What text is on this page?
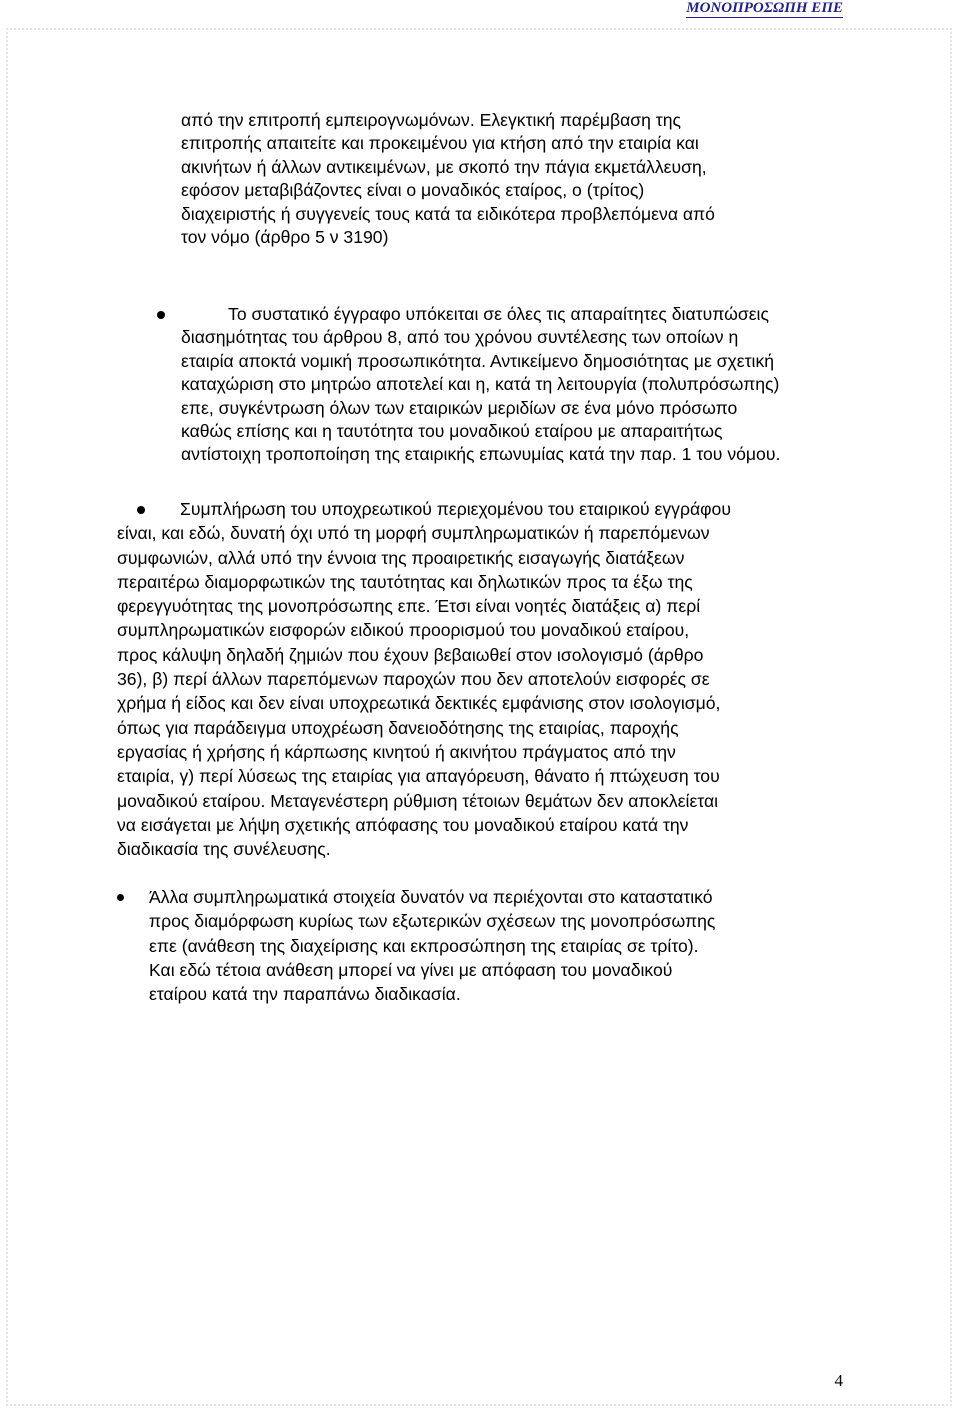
ΜΟΝΟΠΡΟΣΩΠΗ ΕΠΕ
από την επιτροπή εμπειρογνωμόνων. Ελεγκτική παρέμβαση της
επιτροπής απαιτείτε και προκειμένου για κτήση από την εταιρία και
ακινήτων ή άλλων αντικειμένων, με σκοπό την πάγια εκμετάλλευση,
εφόσον μεταβιβάζοντες είναι ο μοναδικός εταίρος, ο (τρίτος)
διαχειριστής ή συγγενείς τους κατά τα ειδικότερα προβλεπόμενα από
τον νόμο (άρθρο 5 ν 3190)
Το συστατικό έγγραφο υπόκειται σε όλες τις απαραίτητες διατυπώσεις
διασημότητας του άρθρου 8, από του χρόνου συντέλεσης των οποίων η
εταιρία αποκτά νομική προσωπικότητα. Αντικείμενο δημοσιότητας με σχετική
καταχώριση στο μητρώο αποτελεί και η, κατά τη λειτουργία (πολυπρόσωπης)
επε, συγκέντρωση όλων των εταιρικών μεριδίων σε ένα μόνο πρόσωπο
καθώς επίσης και η ταυτότητα του μοναδικού εταίρου με απαραιτήτως
αντίστοιχη τροποποίηση της εταιρικής επωνυμίας κατά την παρ. 1 του νόμου.
Συμπλήρωση του υποχρεωτικού περιεχομένου του εταιρικού εγγράφου
είναι, και εδώ, δυνατή όχι υπό τη μορφή συμπληρωματικών ή παρεπόμενων
συμφωνιών, αλλά υπό την έννοια της προαιρετικής εισαγωγής διατάξεων
περαιτέρω διαμορφωτικών της ταυτότητας και δηλωτικών προς τα έξω της
φερεγγυότητας της μονοπρόσωπης επε. Έτσι είναι νοητές διατάξεις α) περί
συμπληρωματικών εισφορών ειδικού προορισμού του μοναδικού εταίρου,
προς κάλυψη δηλαδή ζημιών που έχουν βεβαιωθεί στον ισολογισμό (άρθρο
36), β) περί άλλων παρεπόμενων παροχών που δεν αποτελούν εισφορές σε
χρήμα ή είδος και δεν είναι υποχρεωτικά δεκτικές εμφάνισης στον ισολογισμό,
όπως για παράδειγμα υποχρέωση δανειοδότησης της εταιρίας, παροχής
εργασίας ή χρήσης ή κάρπωσης κινητού ή ακινήτου πράγματος από την
εταιρία, γ) περί λύσεως της εταιρίας για απαγόρευση, θάνατο ή πτώχευση του
μοναδικού εταίρου. Μεταγενέστερη ρύθμιση τέτοιων θεμάτων δεν αποκλείεται
να εισάγεται με λήψη σχετικής απόφασης του μοναδικού εταίρου κατά την
διαδικασία της συνέλευσης.
Άλλα συμπληρωματικά στοιχεία δυνατόν να περιέχονται στο καταστατικό
προς διαμόρφωση κυρίως των εξωτερικών σχέσεων της μονοπρόσωπης
επε (ανάθεση της διαχείρισης και εκπροσώπηση της εταιρίας σε τρίτο).
Και εδώ τέτοια ανάθεση μπορεί να γίνει με απόφαση του μοναδικού
εταίρου κατά την παραπάνω διαδικασία.
4
